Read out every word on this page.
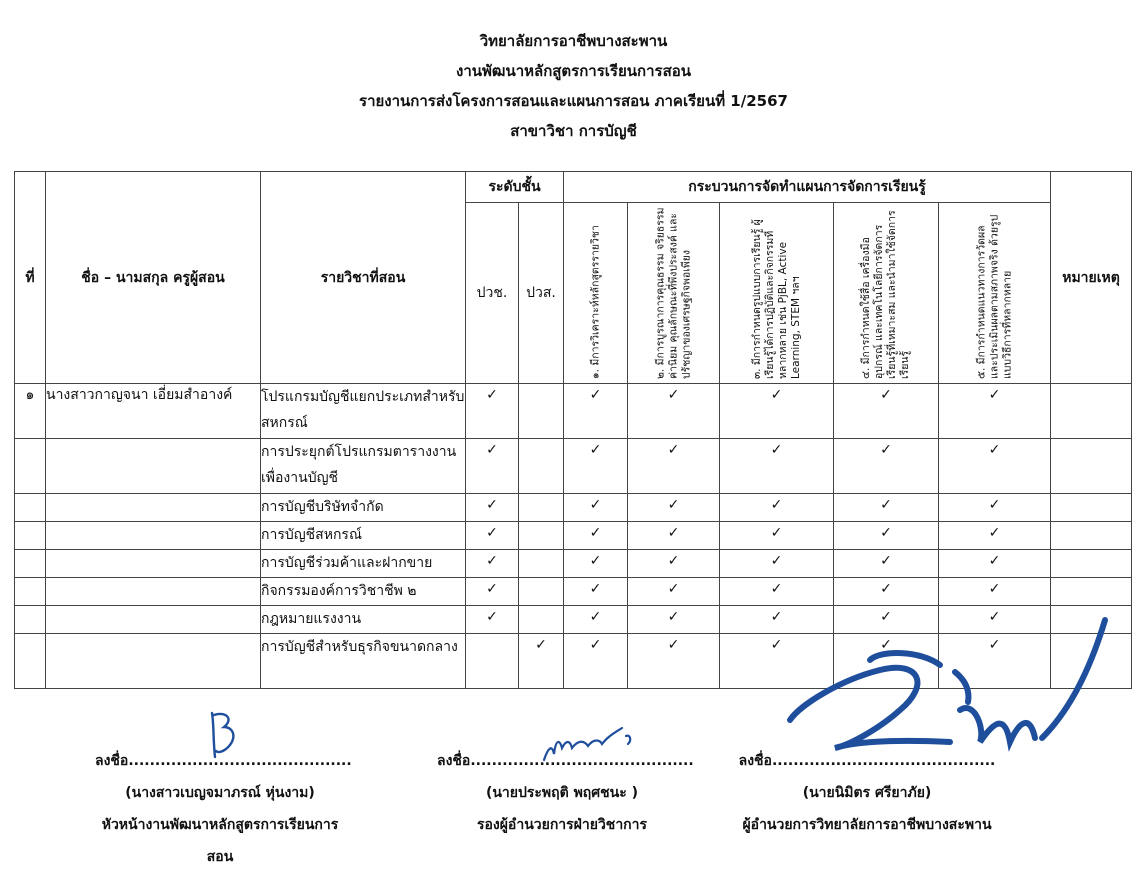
วิทยาลัยการอาชีพบางสะพาน
งานพัฒนาหลักสูตรการเรียนการสอน
รายงานการส่งโครงการสอนและแผนการสอน ภาคเรียนที่ 1/2567
สาขาวิชา การบัญชี
ที่	ชื่อ – นามสกุล ครูผู้สอน	รายวิชาที่สอน	ระดับชั้น		กระบวนการจัดทำแผนการจัดการเรียนรู้					หมายเหตุ
			ปวช.	ปวส.	๑. มีการวิเคราะห์หลักสูตรรายวิชา	๒. มีการบูรณาการคุณธรรม จริยธรรม ค่านิยม คุณลักษณะที่พึงประสงค์ และปรัชญาของเศรษฐกิจพอเพียง	๓. มีการกำหนดรูปแบบการเรียนรู้ ผู้เรียนรู้ได้การปฏิบัติและกิจกรรมที่หลากหลาย เช่น PjBL, Active Learning, STEM ฯลฯ	๔. มีการกำหนดใช้สื่อ เครื่องมือ อุปกรณ์ และเทคโนโลยีการจัดการเรียนรู้ที่เหมาะสม และนำมาใช้จัดการเรียนรู้	๕. มีการกำหนดแนวทางการวัดผลและประเมินผลตามสภาพจริง ด้วยรูปแบบวิธีการที่หลากหลาย	

๑	นางสาวกาญจนา เอี่ยมสำอางค์	โปรแกรมบัญชีแยกประเภทสำหรับสหกรณ์	✓		✓	✓	✓	✓	✓	
		การประยุกต์โปรแกรมตารางงานเพื่องานบัญชี	✓		✓	✓	✓	✓	✓	
		การบัญชีบริษัทจำกัด	✓		✓	✓	✓	✓	✓	
		การบัญชีสหกรณ์	✓		✓	✓	✓	✓	✓	
		การบัญชีร่วมค้าและฝากขาย	✓		✓	✓	✓	✓	✓	
		กิจกรรมองค์การวิชาชีพ ๒	✓		✓	✓	✓	✓	✓	
		กฎหมายแรงงาน	✓		✓	✓	✓	✓	✓	
		การบัญชีสำหรับธุรกิจขนาดกลาง		✓	✓	✓	✓	✓	✓	
ลงชื่อ..........................................
(นางสาวเบญจมาภรณ์ หุ่นงาม)
หัวหน้างานพัฒนาหลักสูตรการเรียนการสอน
ลงชื่อ..........................................
(นายประพฤติ พฤศชนะ )
รองผู้อำนวยการฝ่ายวิชาการ
ลงชื่อ..........................................
(นายนิมิตร ศรียาภัย)
ผู้อำนวยการวิทยาลัยการอาชีพบางสะพาน
